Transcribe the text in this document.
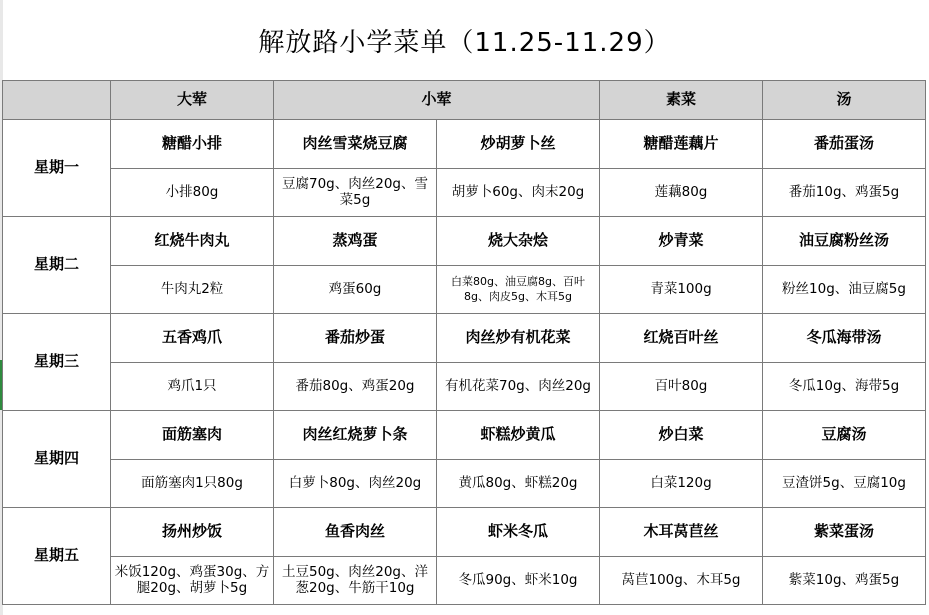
解放路小学菜单（11.25-11.29）
	大荤	小荤		素菜	汤
星期一	糖醋小排	肉丝雪菜烧豆腐	炒胡萝卜丝	糖醋莲藕片	番茄蛋汤
	小排80g	豆腐70g、肉丝20g、雪菜5g	胡萝卜60g、肉末20g	莲藕80g	番茄10g、鸡蛋5g
星期二	红烧牛肉丸	蒸鸡蛋	烧大杂烩	炒青菜	油豆腐粉丝汤
	牛肉丸2粒	鸡蛋60g	白菜80g、油豆腐8g、百叶8g、肉皮5g、木耳5g	青菜100g	粉丝10g、油豆腐5g
星期三	五香鸡爪	番茄炒蛋	肉丝炒有机花菜	红烧百叶丝	冬瓜海带汤
	鸡爪1只	番茄80g、鸡蛋20g	有机花菜70g、肉丝20g	百叶80g	冬瓜10g、海带5g
星期四	面筋塞肉	肉丝红烧萝卜条	虾糕炒黄瓜	炒白菜	豆腐汤
	面筋塞肉1只80g	白萝卜80g、肉丝20g	黄瓜80g、虾糕20g	白菜120g	豆渣饼5g、豆腐10g
星期五	扬州炒饭	鱼香肉丝	虾米冬瓜	木耳莴苣丝	紫菜蛋汤
	米饭120g、鸡蛋30g、方腿20g、胡萝卜5g	土豆50g、肉丝20g、洋葱20g、牛筋干10g	冬瓜90g、虾米10g	莴苣100g、木耳5g	紫菜10g、鸡蛋5g
